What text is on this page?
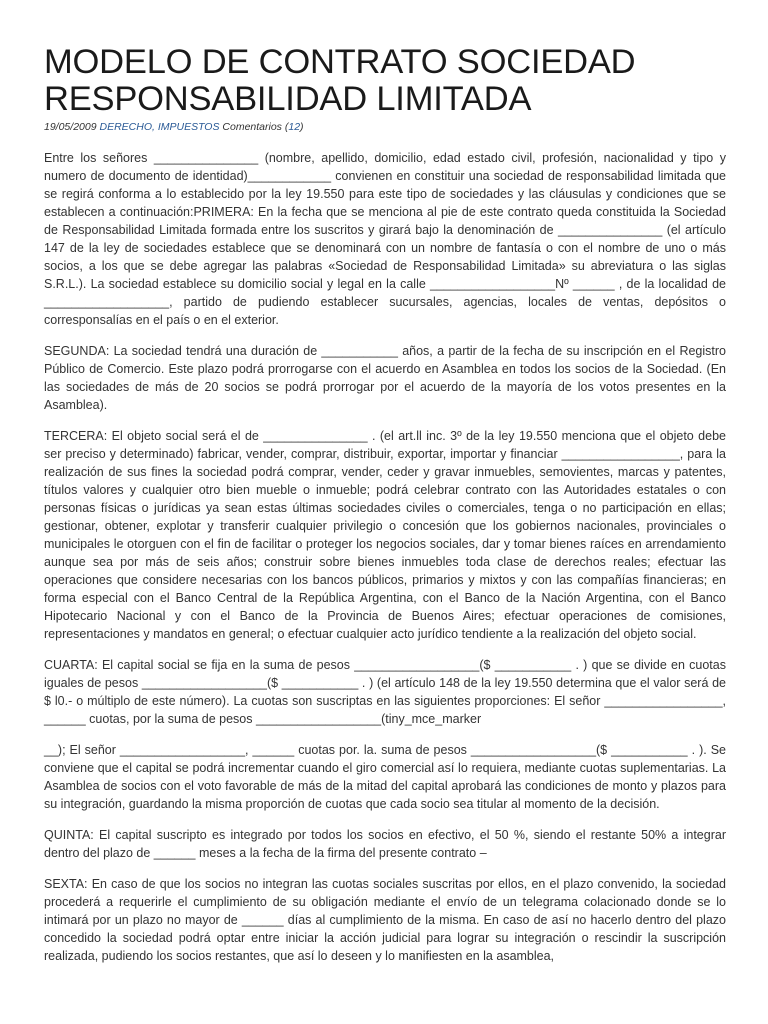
MODELO DE CONTRATO SOCIEDAD RESPONSABILIDAD LIMITADA
19/05/2009 DERECHO, IMPUESTOS Comentarios (12)

Entre los señores _______________ (nombre, apellido, domicilio, edad estado civil, profesión, nacionalidad y tipo y numero de documento de identidad)____________ convienen en constituir una sociedad de responsabilidad limitada que se regirá conforma a lo establecido por la ley 19.550 para este tipo de sociedades y las cláusulas y condiciones que se establecen a continuación:PRIMERA: En la fecha que se menciona al pie de este contrato queda constituida la Sociedad de Responsabilidad Limitada formada entre los suscritos y girará bajo la denominación de _______________ (el artículo 147 de la ley de sociedades establece que se denominará con un nombre de fantasía o con el nombre de uno o más socios, a los que se debe agregar las palabras «Sociedad de Responsabilidad Limitada» su abreviatura o las siglas S.R.L.). La sociedad establece su domicilio social y legal en la calle __________________Nº ______ , de la localidad de __________________, partido de pudiendo establecer sucursales, agencias, locales de ventas, depósitos o corresponsalías en el país o en el exterior.

SEGUNDA: La sociedad tendrá una duración de ___________ años, a partir de la fecha de su inscripción en el Registro Público de Comercio. Este plazo podrá prorrogarse con el acuerdo en Asamblea en todos los socios de la Sociedad. (En las sociedades de más de 20 socios se podrá prorrogar por el acuerdo de la mayoría de los votos presentes en la Asamblea).

TERCERA: El objeto social será el de _______________ . (el art.ll inc. 3º de la ley 19.550 menciona que el objeto debe ser preciso y determinado) fabricar, vender, comprar, distribuir, exportar, importar y financiar _________________, para la realización de sus fines la sociedad podrá comprar, vender, ceder y gravar inmuebles, semovientes, marcas y patentes, títulos valores y cualquier otro bien mueble o inmueble; podrá celebrar contrato con las Autoridades estatales o con personas físicas o jurídicas ya sean estas últimas sociedades civiles o comerciales, tenga o no participación en ellas; gestionar, obtener, explotar y transferir cualquier privilegio o concesión que los gobiernos nacionales, provinciales o municipales le otorguen con el fin de facilitar o proteger los negocios sociales, dar y tomar bienes raíces en arrendamiento aunque sea por más de seis años; construir sobre bienes inmuebles toda clase de derechos reales; efectuar las operaciones que considere necesarias con los bancos públicos, primarios y mixtos y con las compañías financieras; en forma especial con el Banco Central de la República Argentina, con el Banco de la Nación Argentina, con el Banco Hipotecario Nacional y con el Banco de la Provincia de Buenos Aires; efectuar operaciones de comisiones, representaciones y mandatos en general; o efectuar cualquier acto jurídico tendiente a la realización del objeto social.

CUARTA: El capital social se fija en la suma de pesos __________________($ ___________ . ) que se divide en cuotas iguales de pesos __________________($ ___________ . ) (el artículo 148 de la ley 19.550 determina que el valor será de $ l0.- o múltiplo de este número). La cuotas son suscriptas en las siguientes proporciones: El señor _________________, ______ cuotas, por la suma de pesos __________________(tiny_mce_marker

__); El señor __________________, ______ cuotas por. la. suma de pesos __________________($ ___________ . ). Se conviene que el capital se podrá incrementar cuando el giro comercial así lo requiera, mediante cuotas suplementarias. La Asamblea de socios con el voto favorable de más de la mitad del capital aprobará las condiciones de monto y plazos para su integración, guardando la misma proporción de cuotas que cada socio sea titular al momento de la decisión.

QUINTA: El capital suscripto es integrado por todos los socios en efectivo, el 50 %, siendo el restante 50% a integrar dentro del plazo de ______ meses a la fecha de la firma del presente contrato –

SEXTA: En caso de que los socios no integran las cuotas sociales suscritas por ellos, en el plazo convenido, la sociedad procederá a requerirle el cumplimiento de su obligación mediante el envío de un telegrama colacionado donde se lo intimará por un plazo no mayor de ______ días al cumplimiento de la misma. En caso de así no hacerlo dentro del plazo concedido la sociedad podrá optar entre iniciar la acción judicial para lograr su integración o rescindir la suscripción realizada, pudiendo los socios restantes, que así lo deseen y lo manifiesten en la asamblea,
